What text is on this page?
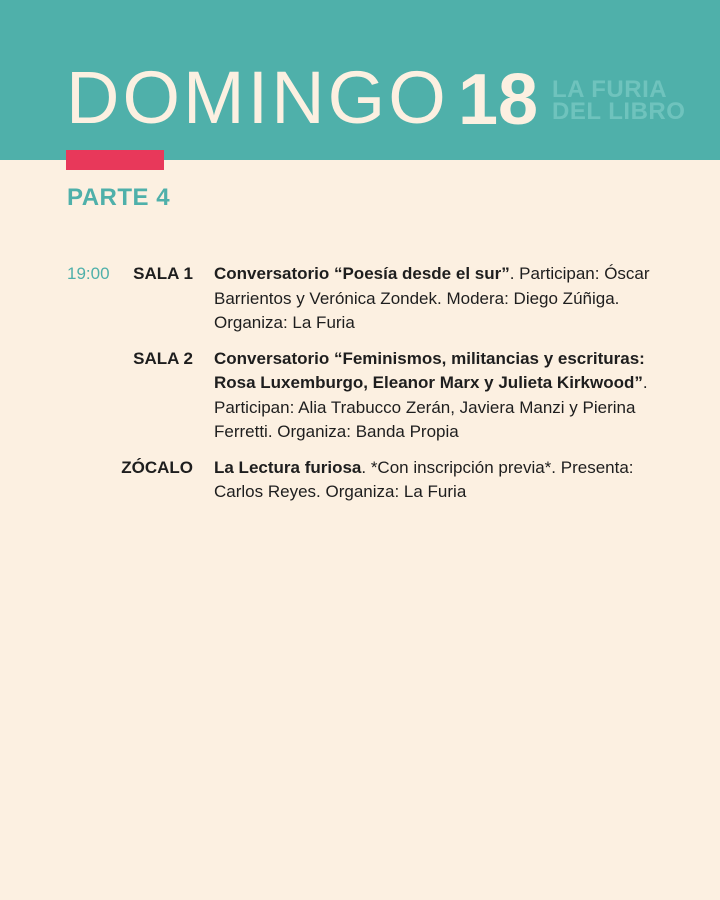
DOMINGO 18 LA FURIA
DEL LIBRO
PARTE 4
19:00	SALA 1 Conversatorio “Poesía desde el sur”. Participan: Óscar Barrientos y Verónica Zondek. Modera: Diego Zúñiga. Organiza: La Furia
SALA 2 Conversatorio “Feminismos, militancias y escrituras: Rosa Luxemburgo, Eleanor Marx y Julieta Kirkwood”. Participan: Alia Trabucco Zerán, Javiera Manzi y Pierina Ferretti. Organiza: Banda Propia
ZÓCALO La Lectura furiosa. *Con inscripción previa*. Presenta: Carlos Reyes. Organiza: La Furia
